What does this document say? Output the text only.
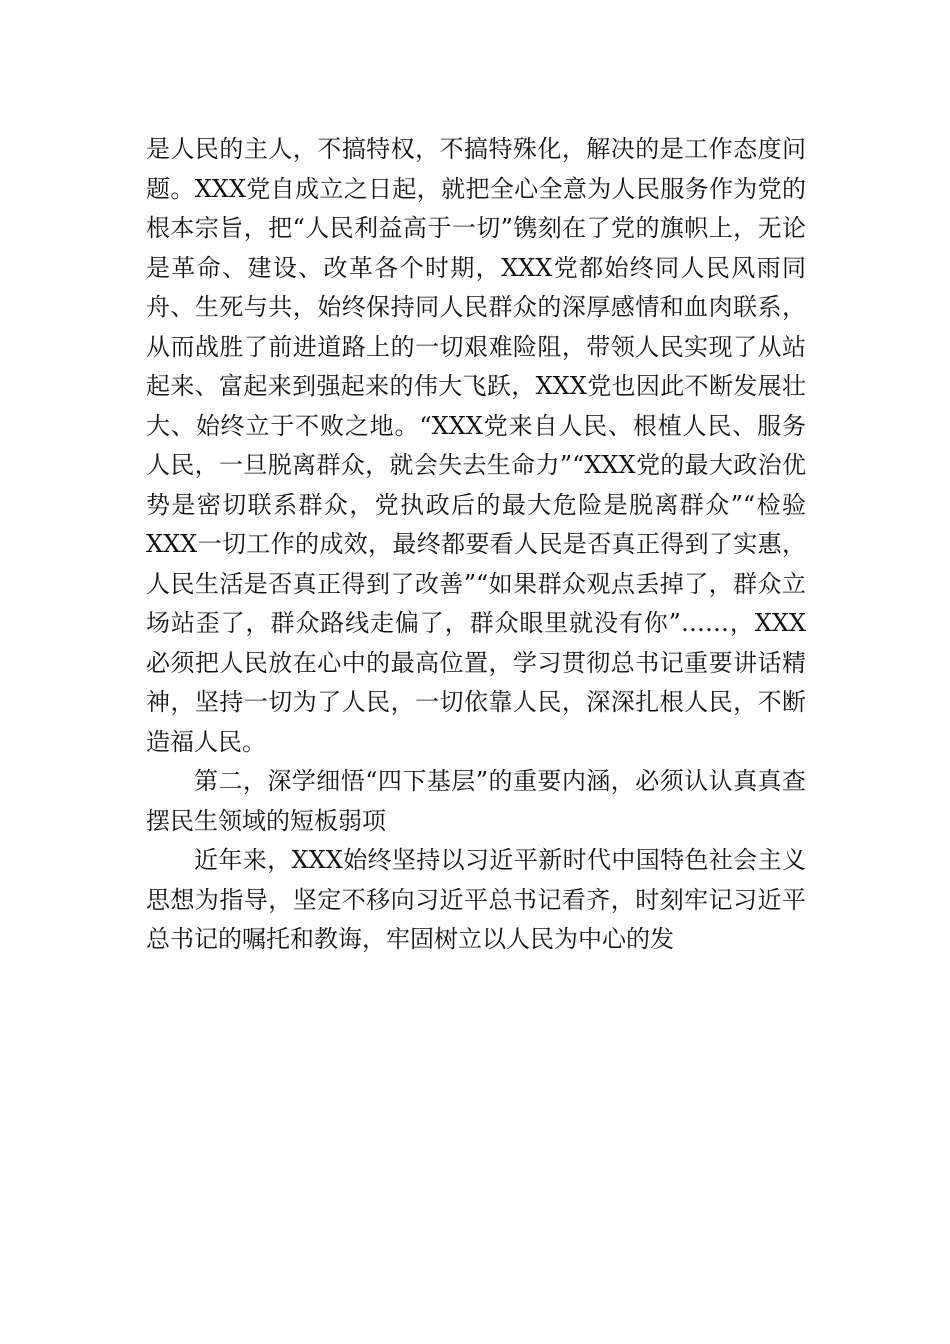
是人民的主人，不搞特权，不搞特殊化，解决的是工作态度问题。XXX党自成立之日起，就把全心全意为人民服务作为党的根本宗旨，把“人民利益高于一切”镌刻在了党的旗帜上，无论是革命、建设、改革各个时期，XXX党都始终同人民风雨同舟、生死与共，始终保持同人民群众的深厚感情和血肉联系，从而战胜了前进道路上的一切艰难险阻，带领人民实现了从站起来、富起来到强起来的伟大飞跃，XXX党也因此不断发展壮大、始终立于不败之地。“XXX党来自人民、根植人民、服务人民，一旦脱离群众，就会失去生命力”“XXX党的最大政治优势是密切联系群众，党执政后的最大危险是脱离群众”“检验XXX一切工作的成效，最终都要看人民是否真正得到了实惠，人民生活是否真正得到了改善”“如果群众观点丢掉了，群众立场站歪了，群众路线走偏了，群众眼里就没有你”……，XXX必须把人民放在心中的最高位置，学习贯彻总书记重要讲话精神，坚持一切为了人民，一切依靠人民，深深扎根人民，不断造福人民。

第二，深学细悟“四下基层”的重要内涵，必须认认真真查摆民生领域的短板弱项

近年来，XXX始终坚持以习近平新时代中国特色社会主义思想为指导，坚定不移向习近平总书记看齐，时刻牢记习近平总书记的嘱托和教诲，牢固树立以人民为中心的发
